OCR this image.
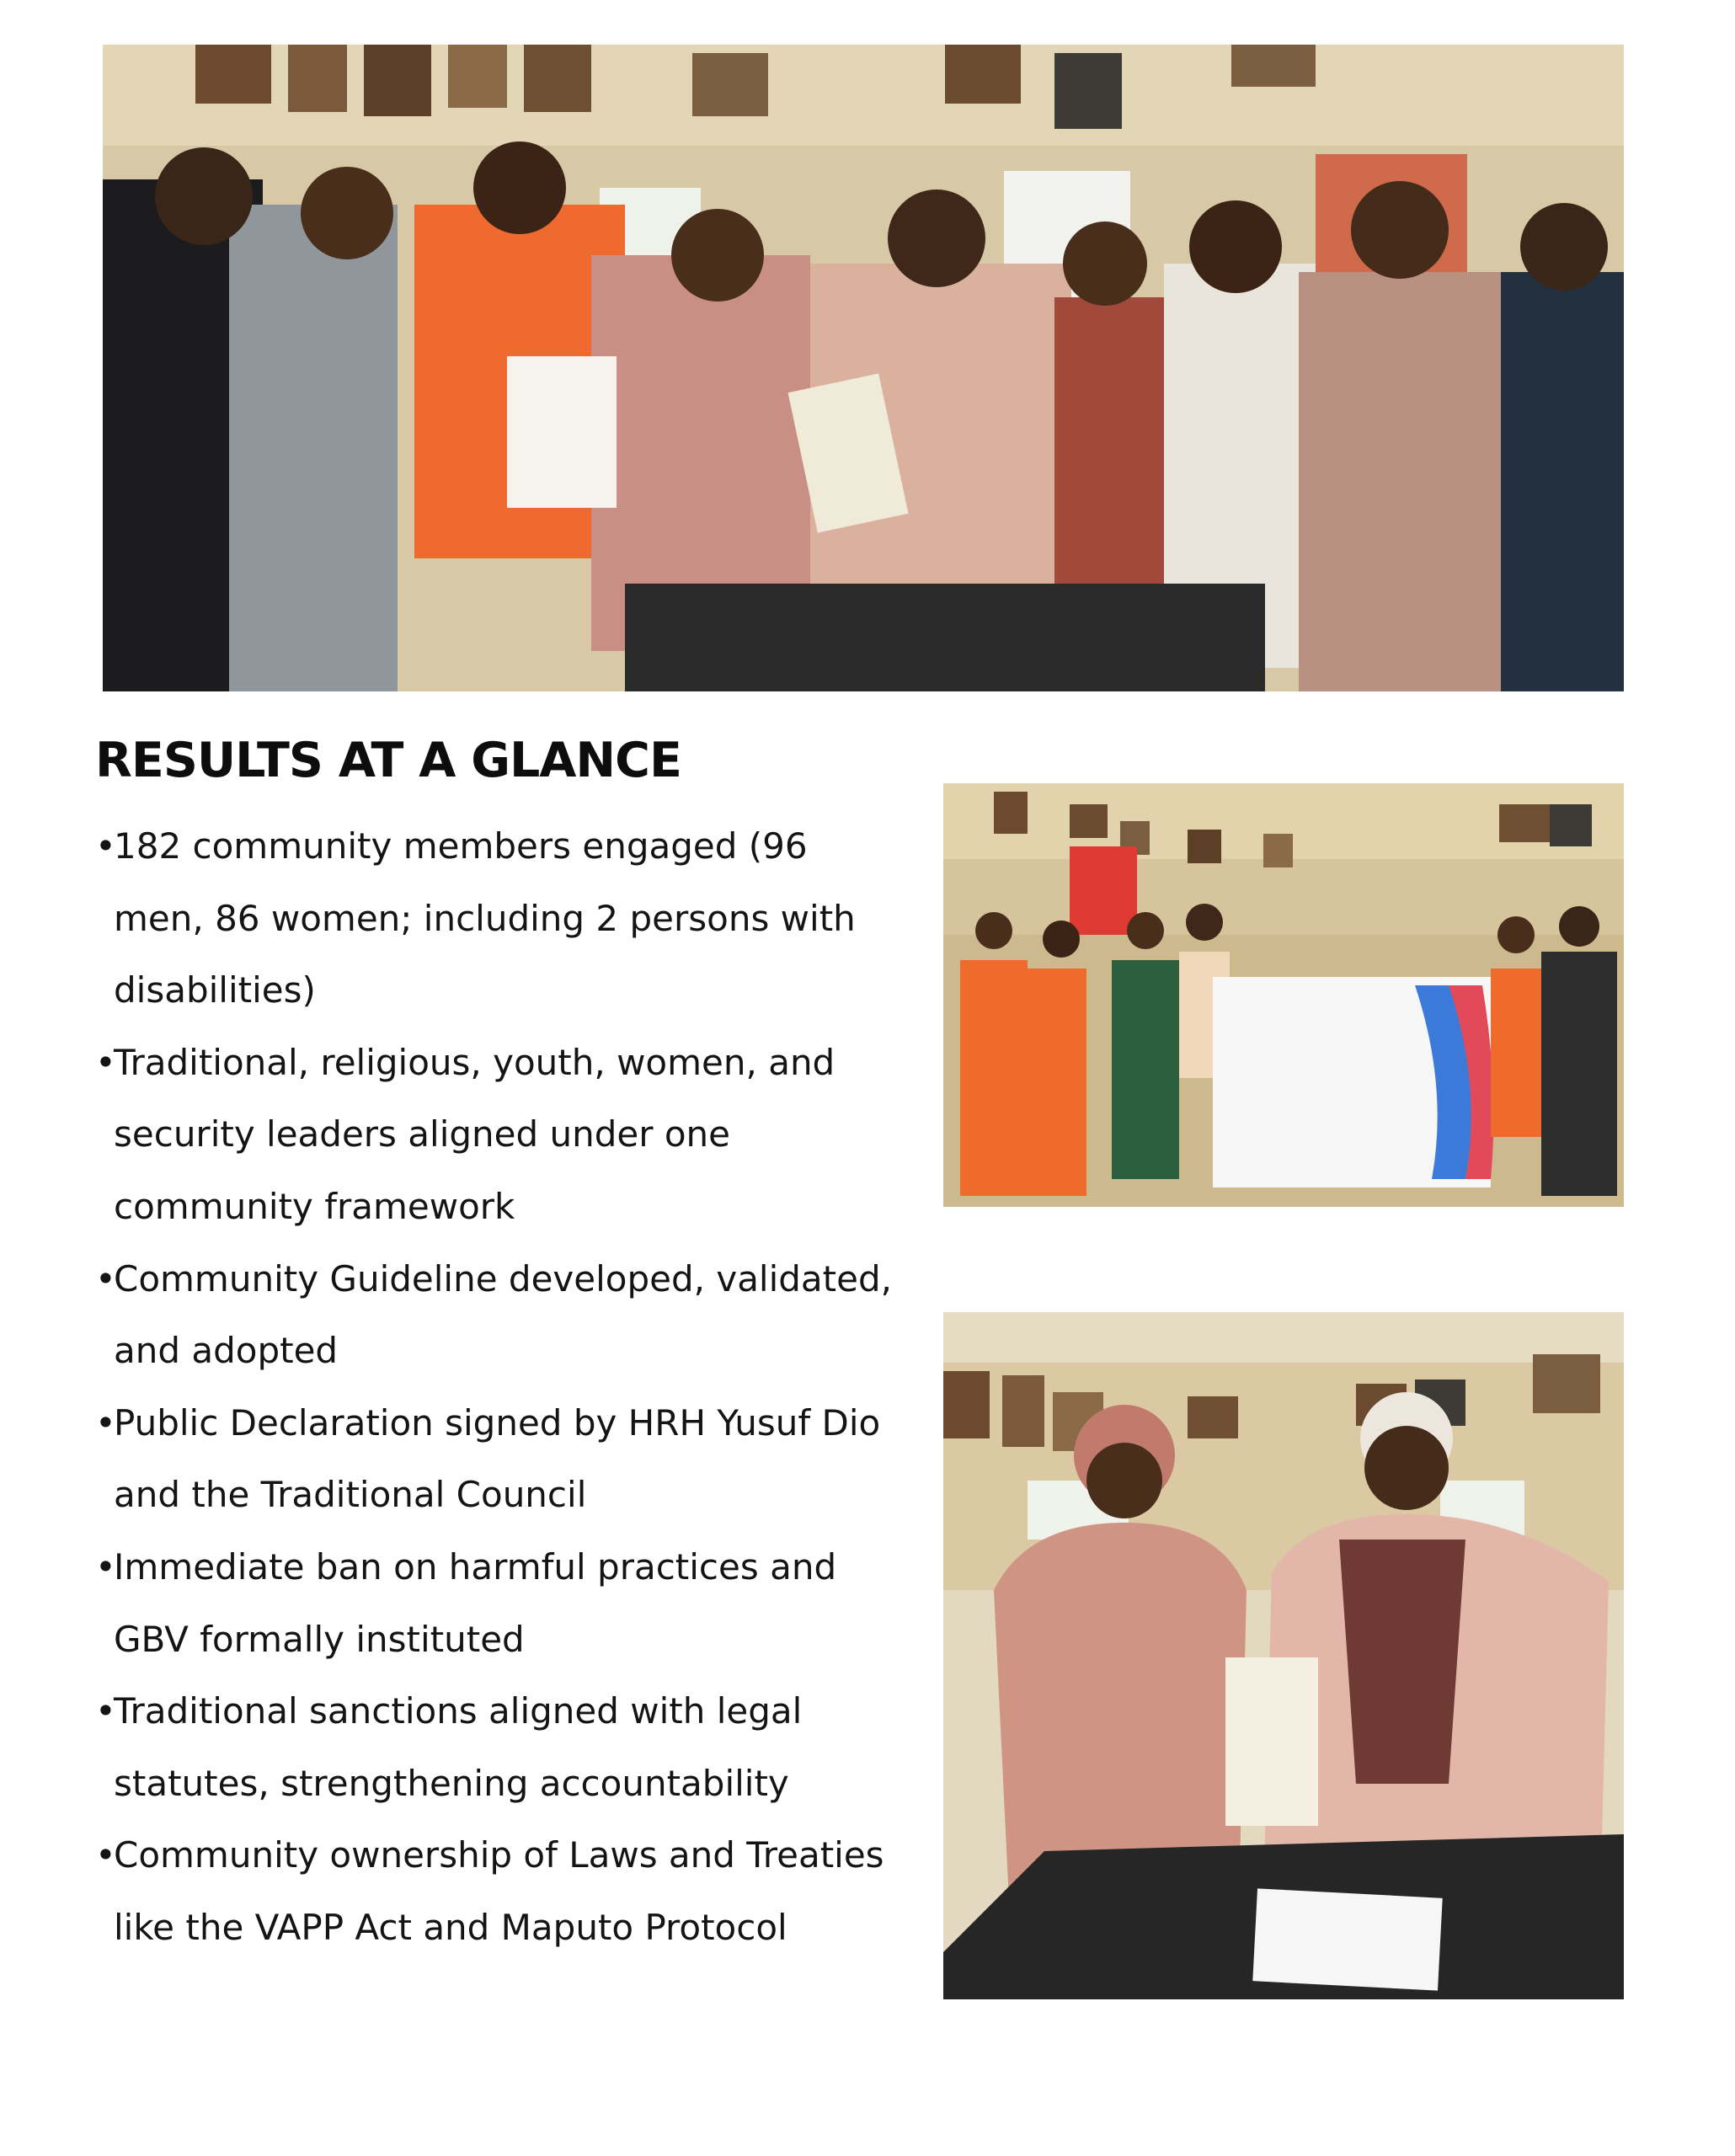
RESULTS AT A GLANCE
•182 community members engaged (96 men, 86 women; including 2 persons with disabilities)
•Traditional, religious, youth, women, and security leaders aligned under one community framework
•Community Guideline developed, validated, and adopted
•Public Declaration signed by HRH Yusuf Dio and the Traditional Council
•Immediate ban on harmful practices and GBV formally instituted
•Traditional sanctions aligned with legal statutes, strengthening accountability
•Community ownership of Laws and Treaties like the VAPP Act and Maputo Protocol
